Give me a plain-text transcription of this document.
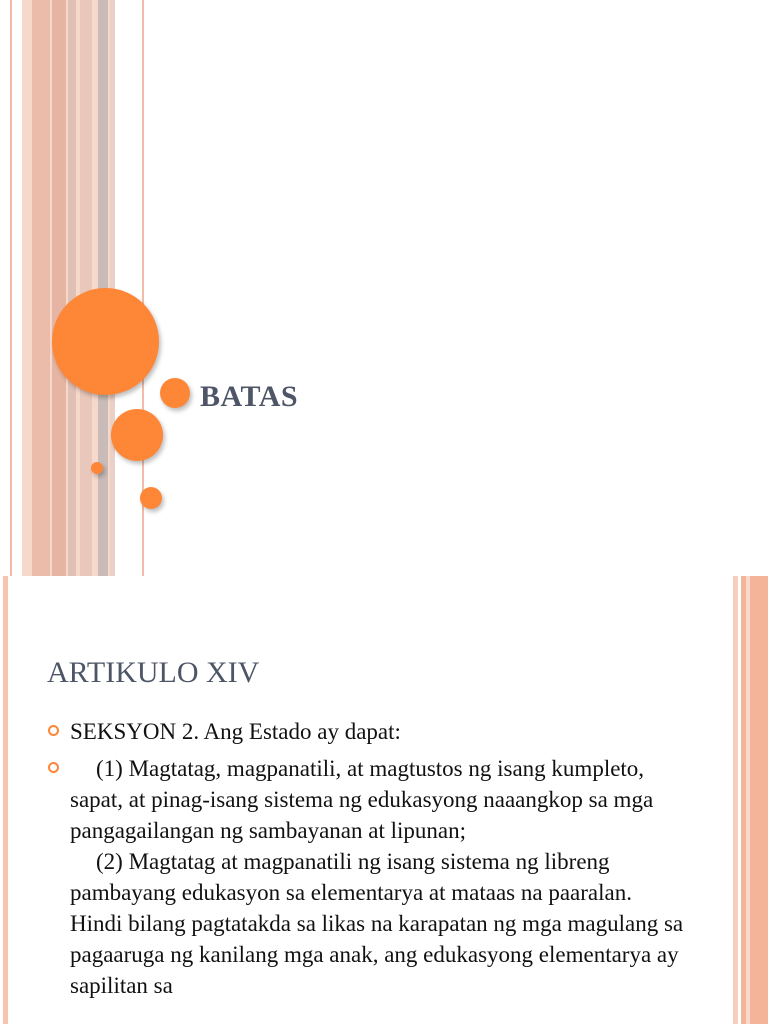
BATAS
ARTIKULO XIV
SEKSYON 2. Ang Estado ay dapat:
(1) Magtatag, magpanatili, at magtustos ng isang kumpleto, sapat, at pinag-isang sistema ng edukasyong naaangkop sa mga pangagailangan ng sambayanan at lipunan;
(2) Magtatag at magpanatili ng isang sistema ng libreng pambayang edukasyon sa elementarya at mataas na paaralan. Hindi bilang pagtatakda sa likas na karapatan ng mga magulang sa pagaaruga ng kanilang mga anak, ang edukasyong elementarya ay sapilitan sa
